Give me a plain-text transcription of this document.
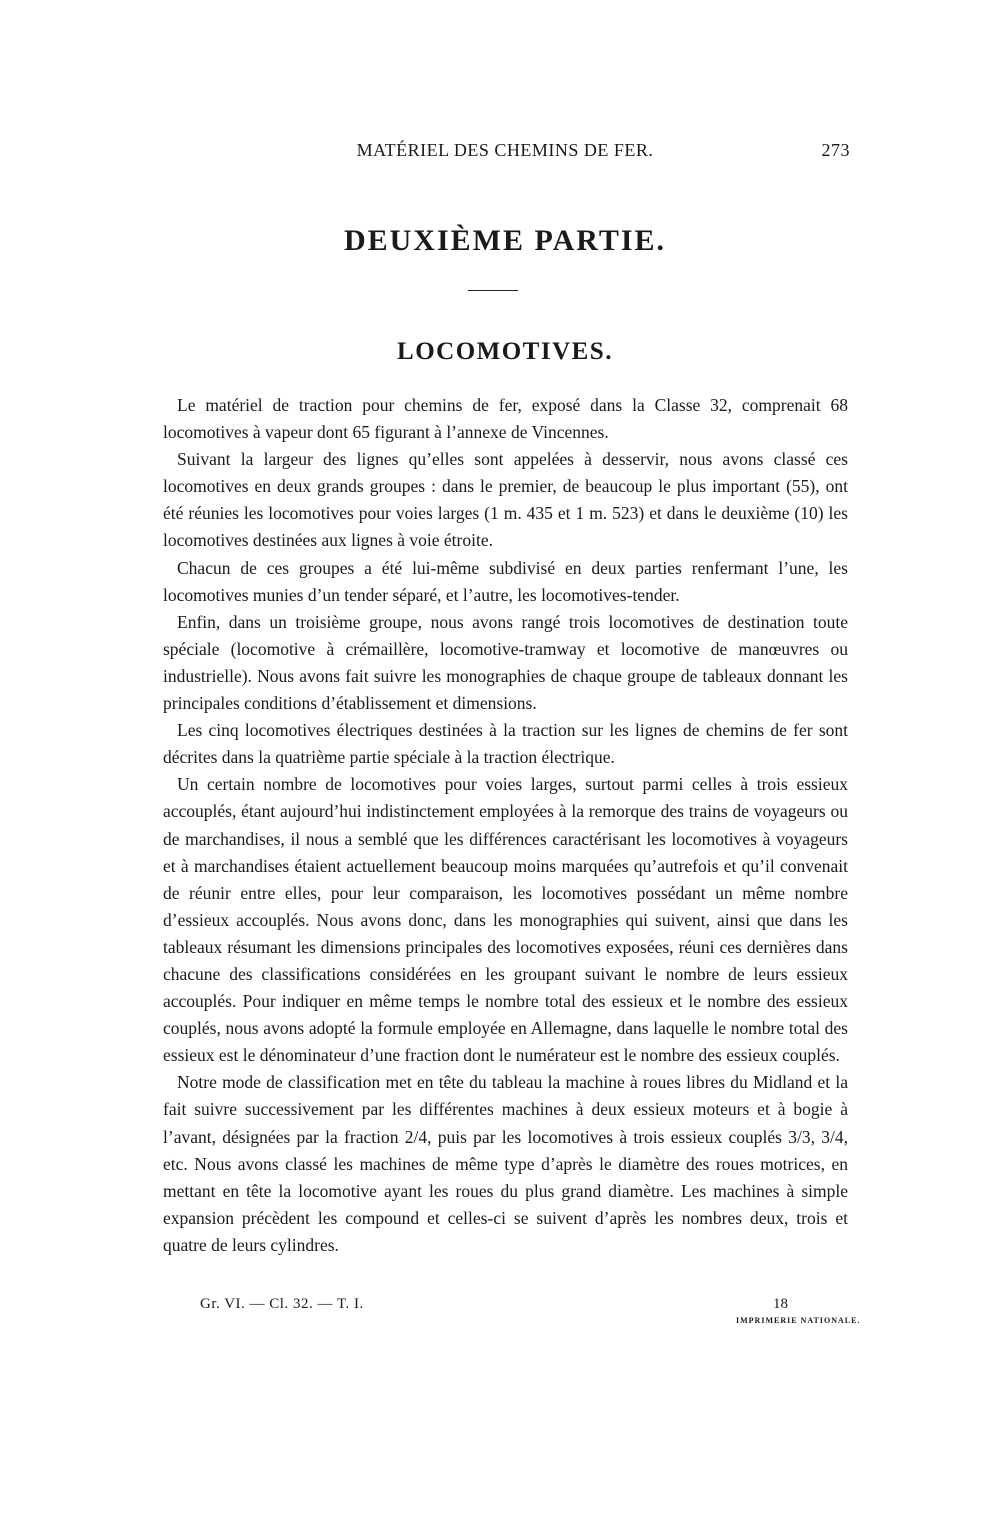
MATÉRIEL DES CHEMINS DE FER.	273
DEUXIÈME PARTIE.
LOCOMOTIVES.

Le matériel de traction pour chemins de fer, exposé dans la Classe 32, comprenait 68 locomotives à vapeur dont 65 figurant à l’annexe de Vincennes.

Suivant la largeur des lignes qu’elles sont appelées à desservir, nous avons classé ces locomotives en deux grands groupes : dans le premier, de beaucoup le plus important (55), ont été réunies les locomotives pour voies larges (1 m. 435 et 1 m. 523) et dans le deuxième (10) les locomotives destinées aux lignes à voie étroite.

Chacun de ces groupes a été lui-même subdivisé en deux parties renfermant l’une, les locomotives munies d’un tender séparé, et l’autre, les locomotives-tender.

Enfin, dans un troisième groupe, nous avons rangé trois locomotives de destination toute spéciale (locomotive à crémaillère, locomotive-tramway et locomotive de manœuvres ou industrielle). Nous avons fait suivre les monographies de chaque groupe de tableaux donnant les principales conditions d’établissement et dimensions.

Les cinq locomotives électriques destinées à la traction sur les lignes de chemins de fer sont décrites dans la quatrième partie spéciale à la traction électrique.

Un certain nombre de locomotives pour voies larges, surtout parmi celles à trois essieux accouplés, étant aujourd’hui indistinctement employées à la remorque des trains de voyageurs ou de marchandises, il nous a semblé que les différences caractérisant les locomotives à voyageurs et à marchandises étaient actuellement beaucoup moins marquées qu’autrefois et qu’il convenait de réunir entre elles, pour leur comparaison, les locomotives possédant un même nombre d’essieux accouplés. Nous avons donc, dans les monographies qui suivent, ainsi que dans les tableaux résumant les dimensions principales des locomotives exposées, réuni ces dernières dans chacune des classifications considérées en les groupant suivant le nombre de leurs essieux accouplés. Pour indiquer en même temps le nombre total des essieux et le nombre des essieux couplés, nous avons adopté la formule employée en Allemagne, dans laquelle le nombre total des essieux est le dénominateur d’une fraction dont le numérateur est le nombre des essieux couplés.

Notre mode de classification met en tête du tableau la machine à roues libres du Midland et la fait suivre successivement par les différentes machines à deux essieux moteurs et à bogie à l’avant, désignées par la fraction 2/4, puis par les locomotives à trois essieux couplés 3/3, 3/4, etc. Nous avons classé les machines de même type d’après le diamètre des roues motrices, en mettant en tête la locomotive ayant les roues du plus grand diamètre. Les machines à simple expansion précèdent les compound et celles-ci se suivent d’après les nombres deux, trois et quatre de leurs cylindres.

Gr. VI. — Cl. 32. — T. I.	18
IMPRIMERIE NATIONALE.
